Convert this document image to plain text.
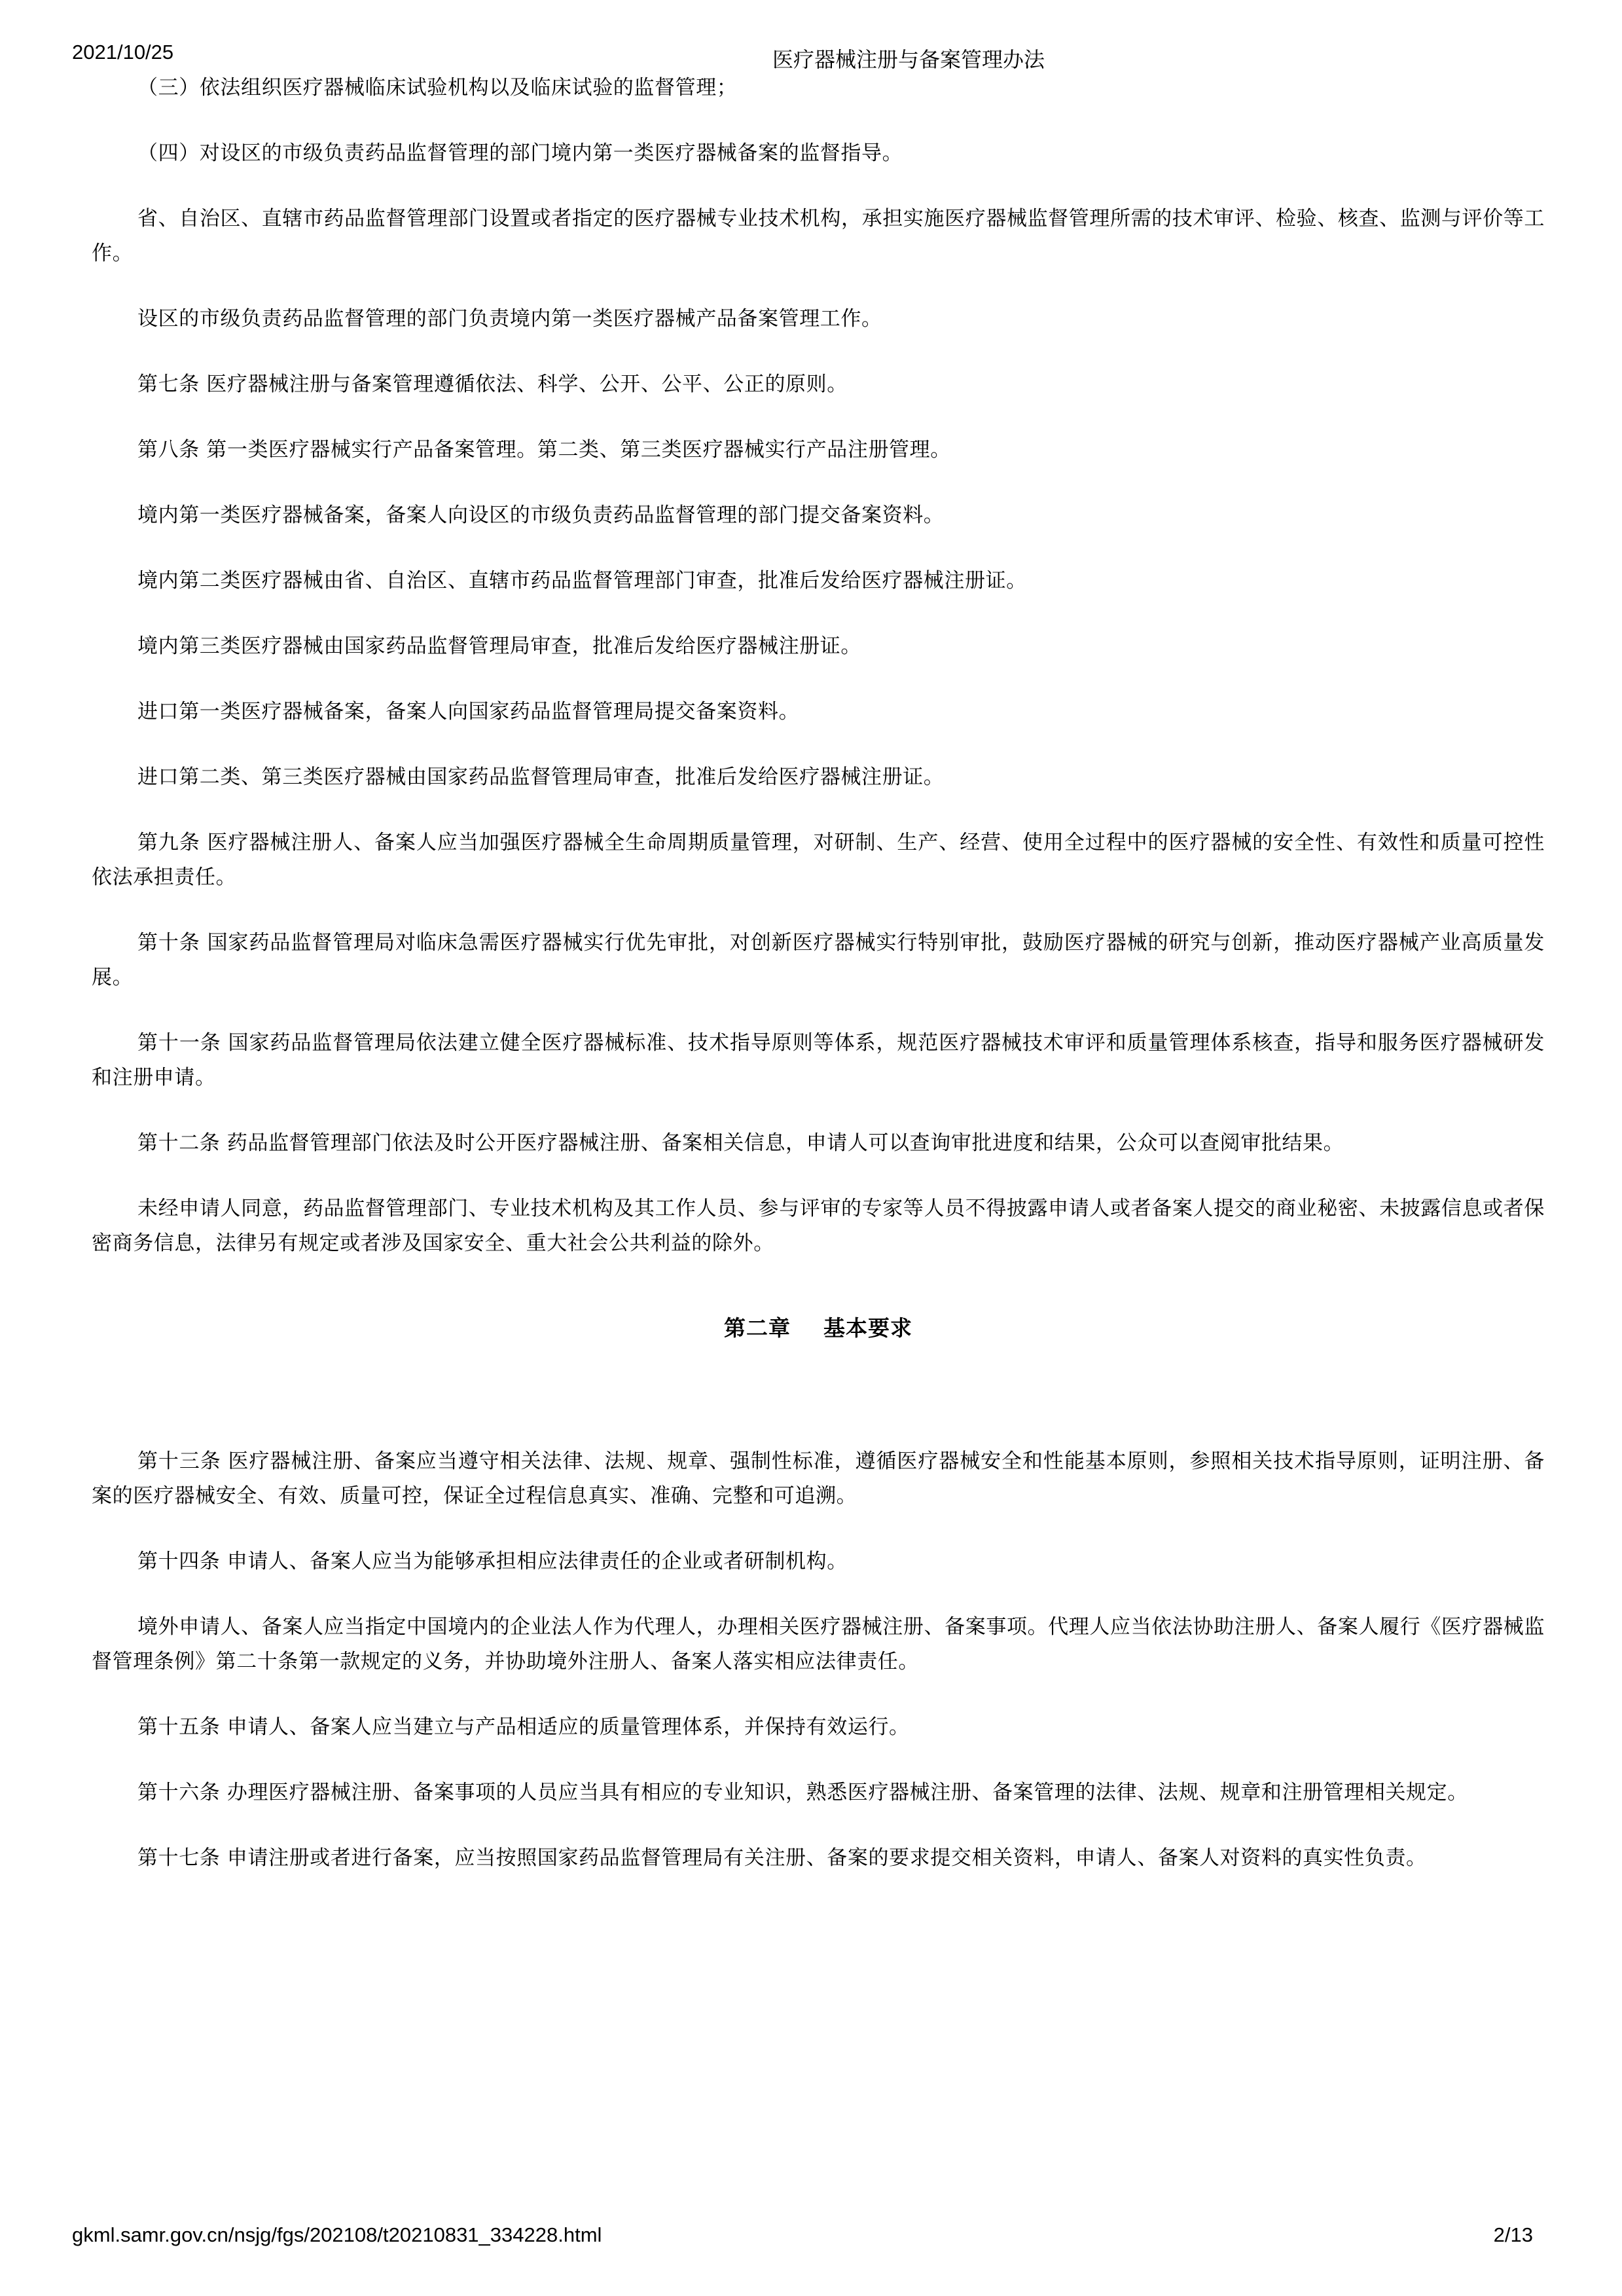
2021/10/25	医疗器械注册与备案管理办法

（三）依法组织医疗器械临床试验机构以及临床试验的监督管理；

（四）对设区的市级负责药品监督管理的部门境内第一类医疗器械备案的监督指导。

省、自治区、直辖市药品监督管理部门设置或者指定的医疗器械专业技术机构，承担实施医疗器械监督管理所需的技术审评、检验、核查、监测与评价等工作。

设区的市级负责药品监督管理的部门负责境内第一类医疗器械产品备案管理工作。

第七条 医疗器械注册与备案管理遵循依法、科学、公开、公平、公正的原则。

第八条 第一类医疗器械实行产品备案管理。第二类、第三类医疗器械实行产品注册管理。

境内第一类医疗器械备案，备案人向设区的市级负责药品监督管理的部门提交备案资料。

境内第二类医疗器械由省、自治区、直辖市药品监督管理部门审查，批准后发给医疗器械注册证。

境内第三类医疗器械由国家药品监督管理局审查，批准后发给医疗器械注册证。

进口第一类医疗器械备案，备案人向国家药品监督管理局提交备案资料。

进口第二类、第三类医疗器械由国家药品监督管理局审查，批准后发给医疗器械注册证。

第九条 医疗器械注册人、备案人应当加强医疗器械全生命周期质量管理，对研制、生产、经营、使用全过程中的医疗器械的安全性、有效性和质量可控性依法承担责任。

第十条 国家药品监督管理局对临床急需医疗器械实行优先审批，对创新医疗器械实行特别审批，鼓励医疗器械的研究与创新，推动医疗器械产业高质量发展。

第十一条 国家药品监督管理局依法建立健全医疗器械标准、技术指导原则等体系，规范医疗器械技术审评和质量管理体系核查，指导和服务医疗器械研发和注册申请。

第十二条 药品监督管理部门依法及时公开医疗器械注册、备案相关信息，申请人可以查询审批进度和结果，公众可以查阅审批结果。

未经申请人同意，药品监督管理部门、专业技术机构及其工作人员、参与评审的专家等人员不得披露申请人或者备案人提交的商业秘密、未披露信息或者保密商务信息，法律另有规定或者涉及国家安全、重大社会公共利益的除外。

第二章    基本要求

第十三条 医疗器械注册、备案应当遵守相关法律、法规、规章、强制性标准，遵循医疗器械安全和性能基本原则，参照相关技术指导原则，证明注册、备案的医疗器械安全、有效、质量可控，保证全过程信息真实、准确、完整和可追溯。

第十四条 申请人、备案人应当为能够承担相应法律责任的企业或者研制机构。

境外申请人、备案人应当指定中国境内的企业法人作为代理人，办理相关医疗器械注册、备案事项。代理人应当依法协助注册人、备案人履行《医疗器械监督管理条例》第二十条第一款规定的义务，并协助境外注册人、备案人落实相应法律责任。

第十五条 申请人、备案人应当建立与产品相适应的质量管理体系，并保持有效运行。

第十六条 办理医疗器械注册、备案事项的人员应当具有相应的专业知识，熟悉医疗器械注册、备案管理的法律、法规、规章和注册管理相关规定。

第十七条 申请注册或者进行备案，应当按照国家药品监督管理局有关注册、备案的要求提交相关资料，申请人、备案人对资料的真实性负责。

gkml.samr.gov.cn/nsjg/fgs/202108/t20210831_334228.html	2/13
